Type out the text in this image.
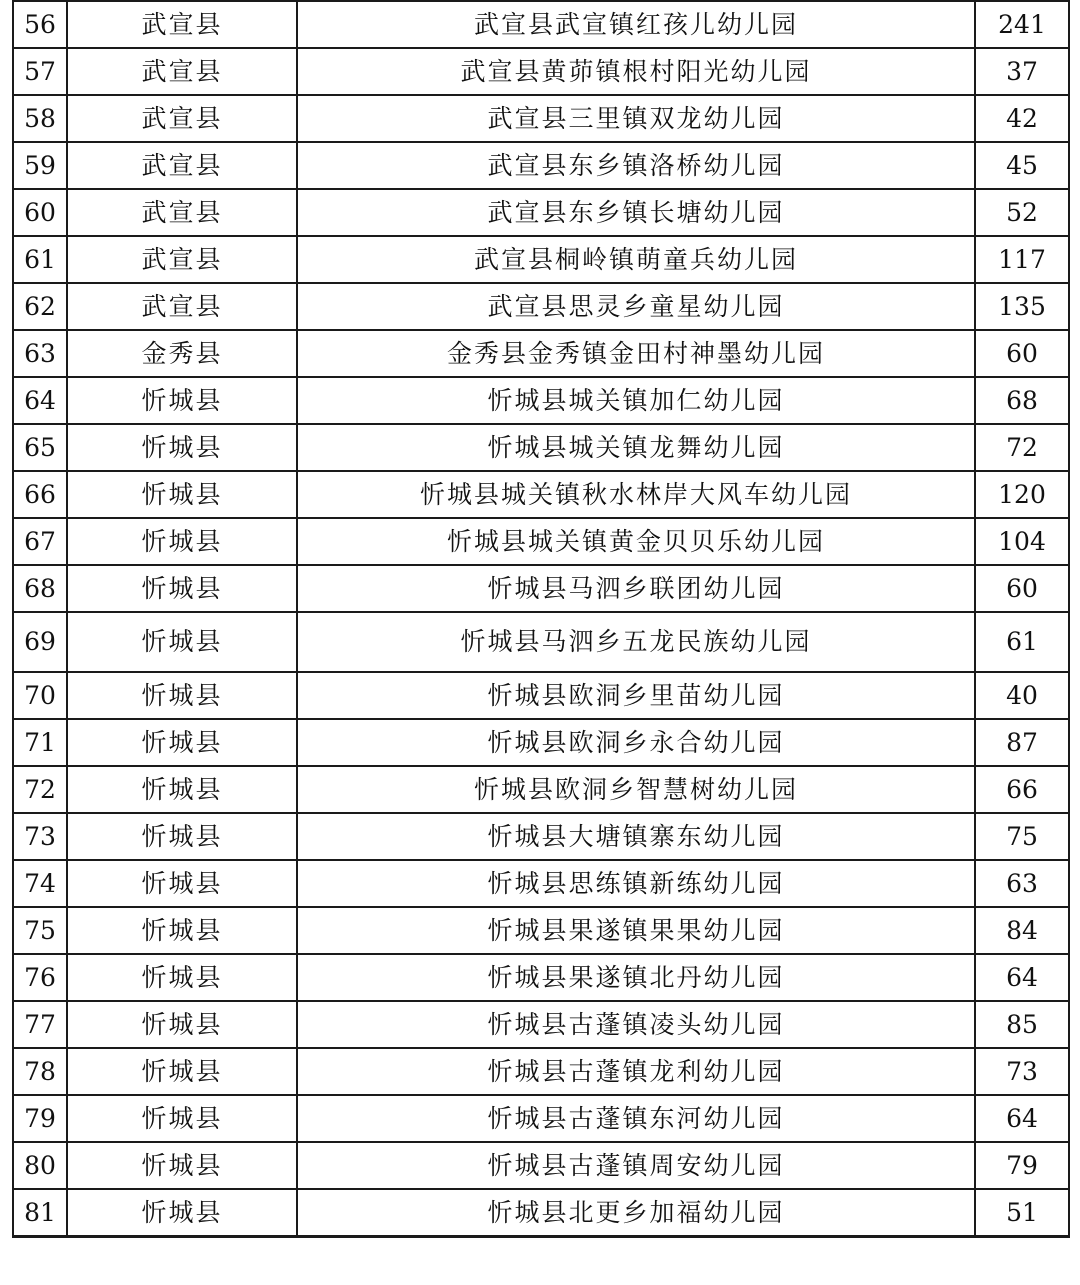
56	武宣县	武宣县武宣镇红孩儿幼儿园	241
57	武宣县	武宣县黄茆镇根村阳光幼儿园	37
58	武宣县	武宣县三里镇双龙幼儿园	42
59	武宣县	武宣县东乡镇洛桥幼儿园	45
60	武宣县	武宣县东乡镇长塘幼儿园	52
61	武宣县	武宣县桐岭镇萌童兵幼儿园	117
62	武宣县	武宣县思灵乡童星幼儿园	135
63	金秀县	金秀县金秀镇金田村神墨幼儿园	60
64	忻城县	忻城县城关镇加仁幼儿园	68
65	忻城县	忻城县城关镇龙舞幼儿园	72
66	忻城县	忻城县城关镇秋水林岸大风车幼儿园	120
67	忻城县	忻城县城关镇黄金贝贝乐幼儿园	104
68	忻城县	忻城县马泗乡联团幼儿园	60
69	忻城县	忻城县马泗乡五龙民族幼儿园	61
70	忻城县	忻城县欧洞乡里苗幼儿园	40
71	忻城县	忻城县欧洞乡永合幼儿园	87
72	忻城县	忻城县欧洞乡智慧树幼儿园	66
73	忻城县	忻城县大塘镇寨东幼儿园	75
74	忻城县	忻城县思练镇新练幼儿园	63
75	忻城县	忻城县果遂镇果果幼儿园	84
76	忻城县	忻城县果遂镇北丹幼儿园	64
77	忻城县	忻城县古蓬镇凌头幼儿园	85
78	忻城县	忻城县古蓬镇龙利幼儿园	73
79	忻城县	忻城县古蓬镇东河幼儿园	64
80	忻城县	忻城县古蓬镇周安幼儿园	79
81	忻城县	忻城县北更乡加福幼儿园	51
